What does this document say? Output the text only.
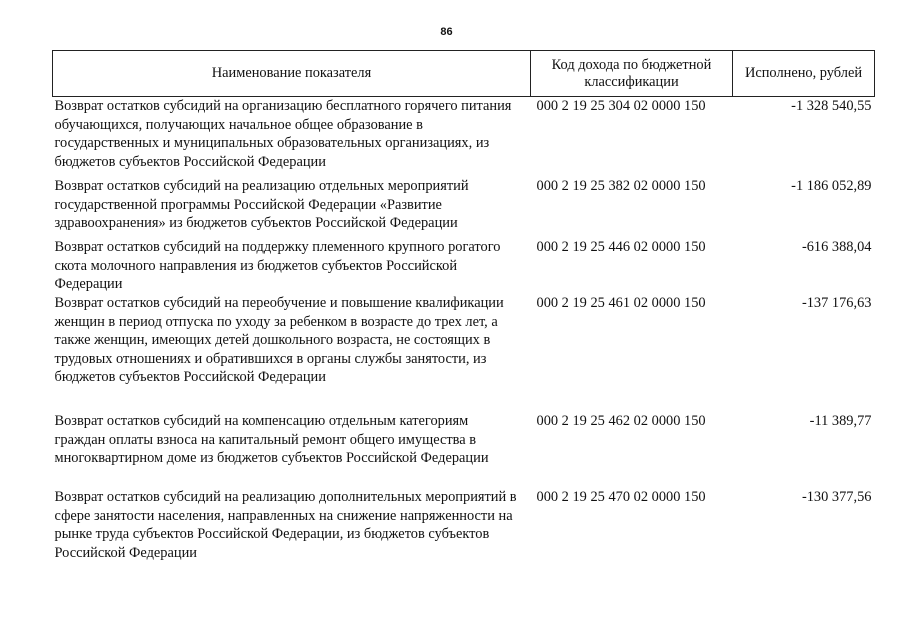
86
Наименование показателя	Код дохода по бюджетной классификации	Исполнено, рублей
Возврат остатков субсидий на организацию бесплатного горячего питания обучающихся, получающих начальное общее образование в государственных и муниципальных образовательных организациях, из бюджетов субъектов Российской Федерации	000 2 19 25 304 02 0000 150	-1 328 540,55
Возврат остатков субсидий на реализацию отдельных мероприятий государственной программы Российской Федерации «Развитие здравоохранения» из бюджетов субъектов Российской Федерации	000 2 19 25 382 02 0000 150	-1 186 052,89
Возврат остатков субсидий на поддержку племенного крупного рогатого скота молочного направления из бюджетов субъектов Российской Федерации	000 2 19 25 446 02 0000 150	-616 388,04
Возврат остатков субсидий на переобучение и повышение квалификации женщин в период отпуска по уходу за ребенком в возрасте до трех лет, а также женщин, имеющих детей дошкольного возраста, не состоящих в трудовых отношениях и обратившихся в органы службы занятости, из бюджетов субъектов Российской Федерации	000 2 19 25 461 02 0000 150	-137 176,63
Возврат остатков субсидий на компенсацию отдельным категориям граждан оплаты взноса на капитальный ремонт общего имущества в многоквартирном доме из бюджетов субъектов Российской Федерации	000 2 19 25 462 02 0000 150	-11 389,77
Возврат остатков субсидий на реализацию дополнительных мероприятий в сфере занятости населения, направленных на снижение напряженности на рынке труда субъектов Российской Федерации, из бюджетов субъектов Российской Федерации	000 2 19 25 470 02 0000 150	-130 377,56
